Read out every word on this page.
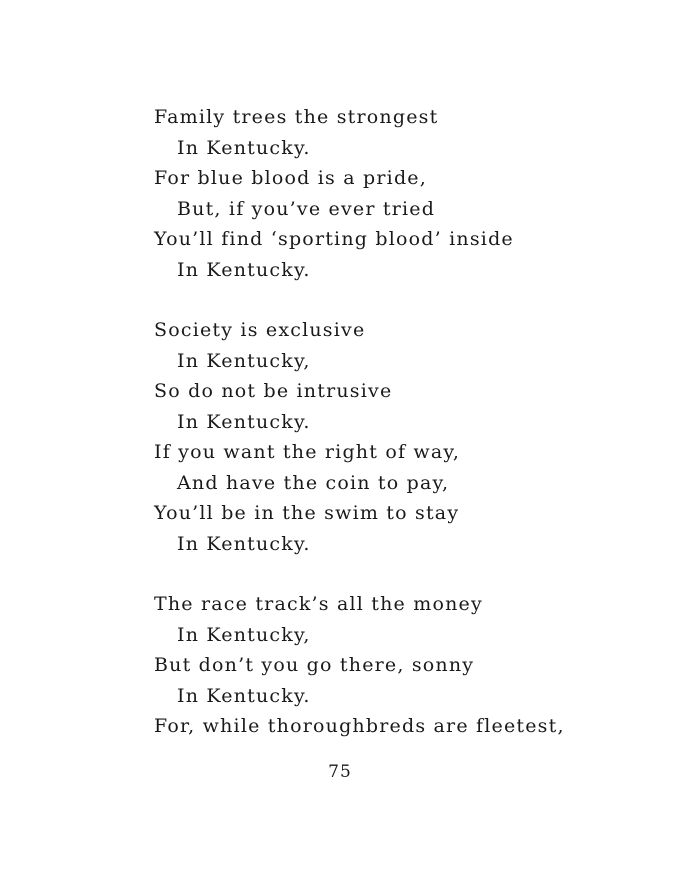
Family trees the strongest
In Kentucky.
For blue blood is a pride,
But, if you’ve ever tried
You’ll find ‘sporting blood’ inside
In Kentucky.
Society is exclusive
In Kentucky,
So do not be intrusive
In Kentucky.
If you want the right of way,
And have the coin to pay,
You’ll be in the swim to stay
In Kentucky.
The race track’s all the money
In Kentucky,
But don’t you go there, sonny
In Kentucky.
For, while thoroughbreds are fleetest,
75
